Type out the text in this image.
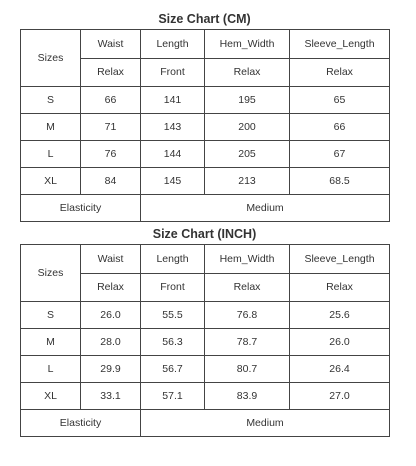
Size Chart (CM)
Sizes	Waist	Length	Hem_Width	Sleeve_Length
	Relax	Front	Relax	Relax
S	66	141	195	65
M	71	143	200	66
L	76	144	205	67
XL	84	145	213	68.5
Elasticity		Medium		
Size Chart (INCH)
Sizes	Waist	Length	Hem_Width	Sleeve_Length
	Relax	Front	Relax	Relax
S	26.0	55.5	76.8	25.6
M	28.0	56.3	78.7	26.0
L	29.9	56.7	80.7	26.4
XL	33.1	57.1	83.9	27.0
Elasticity		Medium		
